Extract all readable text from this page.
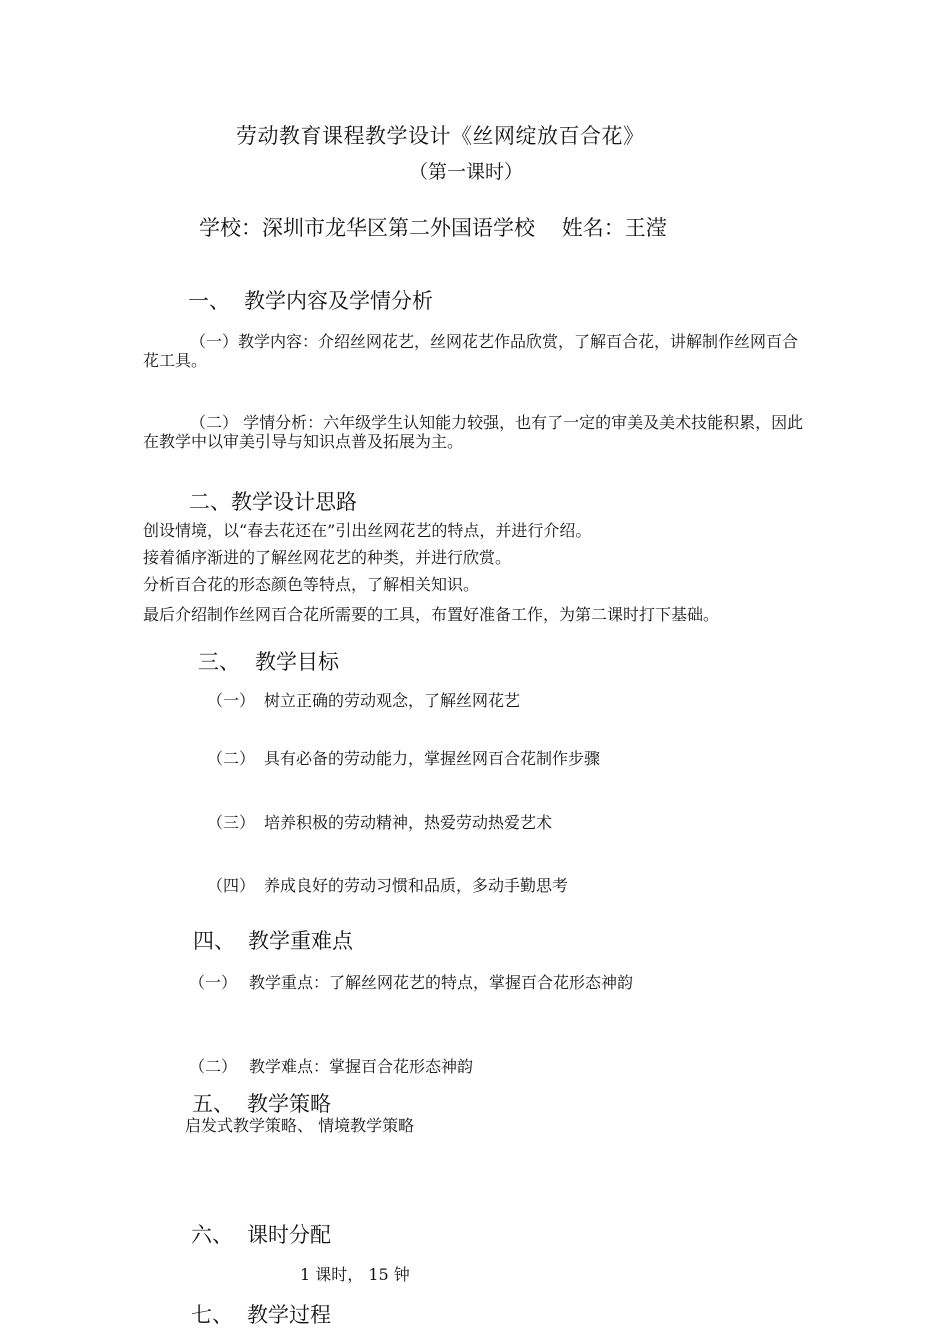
劳动教育课程教学设计《丝网绽放百合花》
（第一课时）
学校：深圳市龙华区第二外国语学校    姓名：王滢
一、 教学内容及学情分析
（一）教学内容：介绍丝网花艺，丝网花艺作品欣赏，了解百合花，讲解制作丝网百合花工具。
（二） 学情分析：六年级学生认知能力较强，也有了一定的审美及美术技能积累，因此在教学中以审美引导与知识点普及拓展为主。
二、教学设计思路
创设情境，以“春去花还在”引出丝网花艺的特点，并进行介绍。
接着循序渐进的了解丝网花艺的种类，并进行欣赏。
分析百合花的形态颜色等特点，了解相关知识。
最后介绍制作丝网百合花所需要的工具，布置好准备工作，为第二课时打下基础。
三、 教学目标
（一） 树立正确的劳动观念，了解丝网花艺
（二） 具有必备的劳动能力，掌握丝网百合花制作步骤
（三） 培养积极的劳动精神，热爱劳动热爱艺术
（四） 养成良好的劳动习惯和品质，多动手勤思考
四、 教学重难点
（一） 教学重点：了解丝网花艺的特点，掌握百合花形态神韵
（二） 教学难点：掌握百合花形态神韵
五、 教学策略
启发式教学策略、 情境教学策略
六、 课时分配
1 课时， 15 钟
七、 教学过程
